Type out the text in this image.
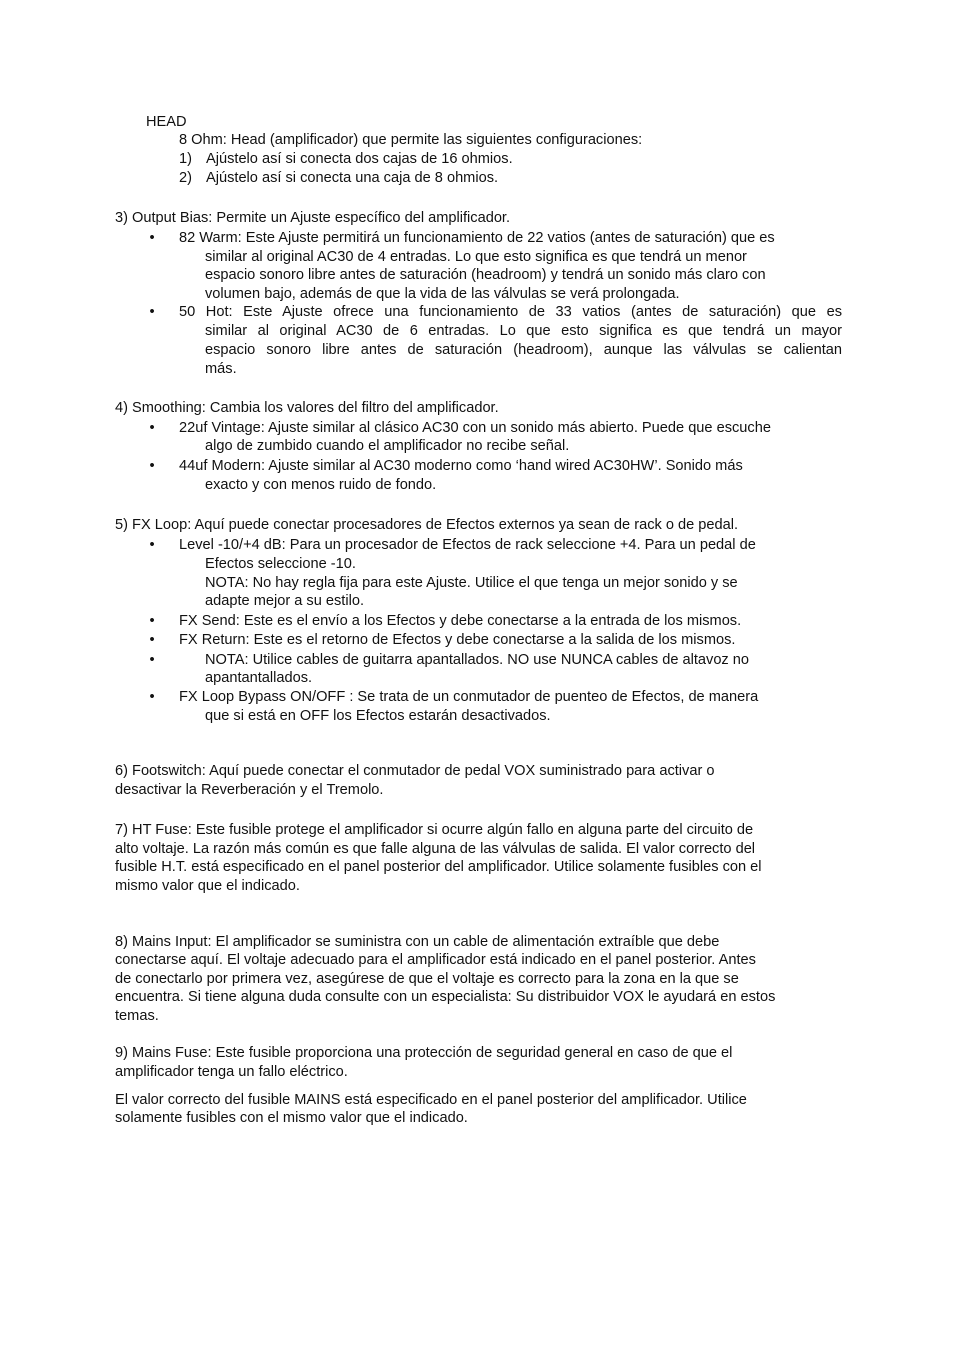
HEAD
8 Ohm: Head (amplificador) que permite las siguientes configuraciones:
1) Ajústelo así si conecta dos cajas de 16 ohmios.
2) Ajústelo así si conecta una caja de 8 ohmios.
3) Output Bias: Permite un Ajuste específico del amplificador.
• 82 Warm: Este Ajuste permitirá un funcionamiento de 22 vatios (antes de saturación) que es
similar al original AC30 de 4 entradas. Lo que esto significa es que tendrá un menor
espacio sonoro libre antes de saturación (headroom) y tendrá un sonido más claro con
volumen bajo, además de que la vida de las válvulas se verá prolongada.
• 50 Hot: Este Ajuste ofrece una funcionamiento de 33 vatios (antes de saturación) que es
similar al original AC30 de 6 entradas. Lo que esto significa es que tendrá un mayor
espacio sonoro libre antes de saturación (headroom), aunque las válvulas se calientan
más.
4) Smoothing: Cambia los valores del filtro del amplificador.
• 22uf Vintage: Ajuste similar al clásico AC30 con un sonido más abierto. Puede que escuche
algo de zumbido cuando el amplificador no recibe señal.
• 44uf Modern: Ajuste similar al AC30 moderno como ‘hand wired AC30HW’. Sonido más
exacto y con menos ruido de fondo.
5) FX Loop: Aquí puede conectar procesadores de Efectos externos ya sean de rack o de pedal.
• Level -10/+4 dB: Para un procesador de Efectos de rack seleccione +4. Para un pedal de
Efectos seleccione -10.
NOTA: No hay regla fija para este Ajuste. Utilice el que tenga un mejor sonido y se
adapte mejor a su estilo.
• FX Send: Este es el envío a los Efectos y debe conectarse a la entrada de los mismos.
• FX Return: Este es el retorno de Efectos y debe conectarse a la salida de los mismos.
•	NOTA: Utilice cables de guitarra apantallados. NO use NUNCA cables de altavoz no
apantantallados.
• FX Loop Bypass ON/OFF : Se trata de un conmutador de puenteo de Efectos, de manera
que si está en OFF los Efectos estarán desactivados.
6) Footswitch: Aquí puede conectar el conmutador de pedal VOX suministrado para activar o
desactivar la Reverberación y el Tremolo.
7) HT Fuse: Este fusible protege el amplificador si ocurre algún fallo en alguna parte del circuito de
alto voltaje. La razón más común es que falle alguna de las válvulas de salida. El valor correcto del
fusible H.T. está especificado en el panel posterior del amplificador. Utilice solamente fusibles con el
mismo valor que el indicado.
8) Mains Input: El amplificador se suministra con un cable de alimentación extraíble que debe
conectarse aquí. El voltaje adecuado para el amplificador está indicado en el panel posterior. Antes
de conectarlo por primera vez, asegúrese de que el voltaje es correcto para la zona en la que se
encuentra. Si tiene alguna duda consulte con un especialista: Su distribuidor VOX le ayudará en estos
temas.
9) Mains Fuse: Este fusible proporciona una protección de seguridad general en caso de que el
amplificador tenga un fallo eléctrico.
El valor correcto del fusible MAINS está especificado en el panel posterior del amplificador. Utilice
solamente fusibles con el mismo valor que el indicado.
